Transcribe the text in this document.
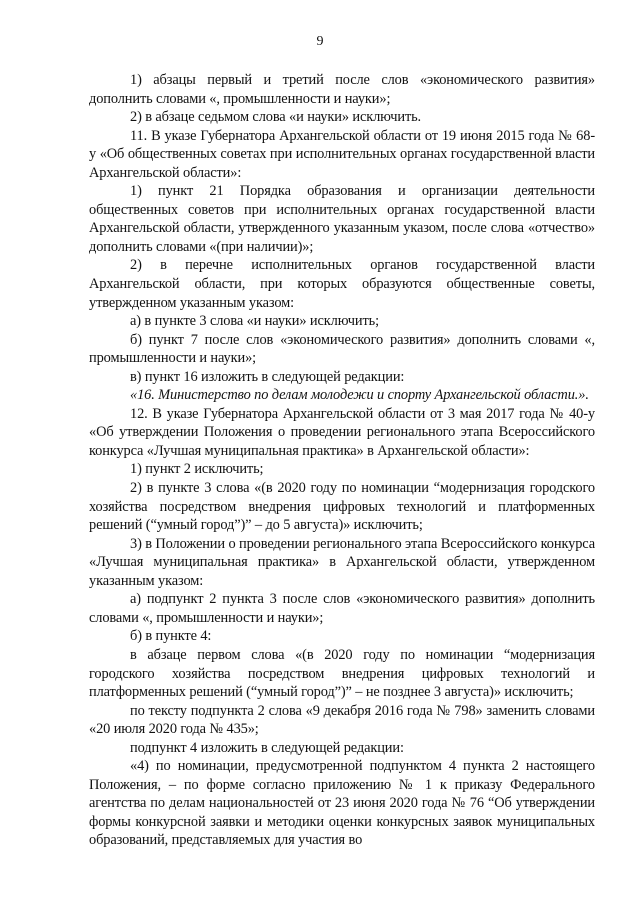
9

1) абзацы первый и третий после слов «экономического развития» дополнить словами «, промышленности и науки»;

2) в абзаце седьмом слова «и науки» исключить.

11. В указе Губернатора Архангельской области от 19 июня 2015 года № 68-у «Об общественных советах при исполнительных органах государственной власти Архангельской области»:

1) пункт 21 Порядка образования и организации деятельности общественных советов при исполнительных органах государственной власти Архангельской области, утвержденного указанным указом, после слова «отчество» дополнить словами «(при наличии)»;

2) в перечне исполнительных органов государственной власти Архангельской области, при которых образуются общественные советы, утвержденном указанным указом:

а) в пункте 3 слова «и науки» исключить;

б) пункт 7 после слов «экономического развития» дополнить словами «, промышленности и науки»;

в) пункт 16 изложить в следующей редакции:

«16. Министерство по делам молодежи и спорту Архангельской области.».

12. В указе Губернатора Архангельской области от 3 мая 2017 года № 40-у «Об утверждении Положения о проведении регионального этапа Всероссийского конкурса «Лучшая муниципальная практика» в Архангельской области»:

1) пункт 2 исключить;

2) в пункте 3 слова «(в 2020 году по номинации “модернизация городского хозяйства посредством внедрения цифровых технологий и платформенных решений (“умный город”)” – до 5 августа)» исключить;

3) в Положении о проведении регионального этапа Всероссийского конкурса «Лучшая муниципальная практика» в Архангельской области, утвержденном указанным указом:

а) подпункт 2 пункта 3 после слов «экономического развития» дополнить словами «, промышленности и науки»;

б) в пункте 4:

в абзаце первом слова «(в 2020 году по номинации “модернизация городского хозяйства посредством внедрения цифровых технологий и платформенных решений (“умный город”)” – не позднее 3 августа)» исключить;

по тексту подпункта 2 слова «9 декабря 2016 года № 798» заменить словами «20 июля 2020 года № 435»;

подпункт 4 изложить в следующей редакции:

«4) по номинации, предусмотренной подпунктом 4 пункта 2 настоящего Положения, – по форме согласно приложению № 1 к приказу Федерального агентства по делам национальностей от 23 июня 2020 года № 76 “Об утверждении формы конкурсной заявки и методики оценки конкурсных заявок муниципальных образований, представляемых для участия во
